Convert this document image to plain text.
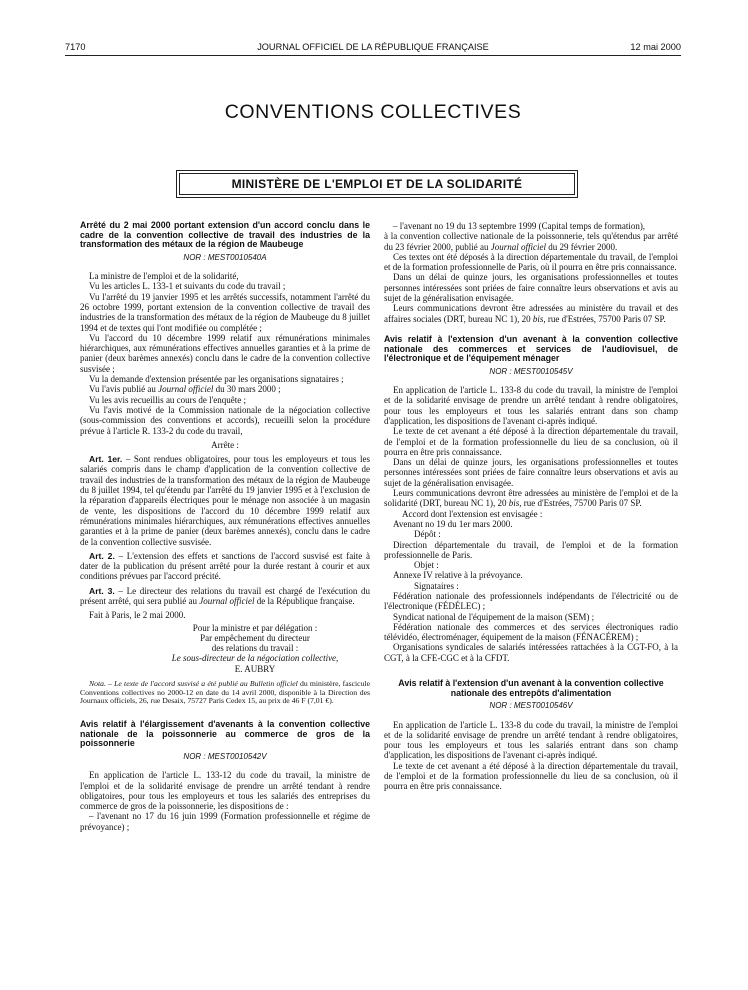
7170	JOURNAL OFFICIEL DE LA RÉPUBLIQUE FRANÇAISE	12 mai 2000
CONVENTIONS COLLECTIVES
MINISTÈRE DE L'EMPLOI ET DE LA SOLIDARITÉ
Arrêté du 2 mai 2000 portant extension d'un accord conclu dans le cadre de la convention collective de travail des industries de la transformation des métaux de la région de Maubeuge
NOR : MEST0010540A

La ministre de l'emploi et de la solidarité,

Vu les articles L. 133-1 et suivants du code du travail ;

Vu l'arrêté du 19 janvier 1995 et les arrêtés successifs, notamment l'arrêté du 26 octobre 1999, portant extension de la convention collective de travail des industries de la transformation des métaux de la région de Maubeuge du 8 juillet 1994 et de textes qui l'ont modifiée ou complétée ;

Vu l'accord du 10 décembre 1999 relatif aux rémunérations minimales hiérarchiques, aux rémunérations effectives annuelles garanties et à la prime de panier (deux barèmes annexés) conclu dans le cadre de la convention collective susvisée ;

Vu la demande d'extension présentée par les organisations signataires ;

Vu l'avis publié au Journal officiel du 30 mars 2000 ;

Vu les avis recueillis au cours de l'enquête ;

Vu l'avis motivé de la Commission nationale de la négociation collective (sous-commission des conventions et accords), recueilli selon la procédure prévue à l'article R. 133-2 du code du travail,

Arrête :

Art. 1er. – Sont rendues obligatoires, pour tous les employeurs et tous les salariés compris dans le champ d'application de la convention collective de travail des industries de la transformation des métaux de la région de Maubeuge du 8 juillet 1994, tel qu'étendu par l'arrêté du 19 janvier 1995 et à l'exclusion de la réparation d'appareils électriques pour le ménage non associée à un magasin de vente, les dispositions de l'accord du 10 décembre 1999 relatif aux rémunérations minimales hiérarchiques, aux rémunérations effectives annuelles garanties et à la prime de panier (deux barèmes annexés), conclu dans le cadre de la convention collective susvisée.

Art. 2. – L'extension des effets et sanctions de l'accord susvisé est faite à dater de la publication du présent arrêté pour la durée restant à courir et aux conditions prévues par l'accord précité.

Art. 3. – Le directeur des relations du travail est chargé de l'exécution du présent arrêté, qui sera publié au Journal officiel de la République française.

Fait à Paris, le 2 mai 2000.

Pour la ministre et par délégation :
Par empêchement du directeur
des relations du travail :
Le sous-directeur de la négociation collective,
E. AUBRY
Nota. – Le texte de l'accord susvisé a été publié au Bulletin officiel du ministère, fascicule Conventions collectives no 2000-12 en date du 14 avril 2000, disponible à la Direction des Journaux officiels, 26, rue Desaix, 75727 Paris Cedex 15, au prix de 46 F (7,01 €).
Avis relatif à l'élargissement d'avenants à la convention collective nationale de la poissonnerie au commerce de gros de la poissonnerie
NOR : MEST0010542V

En application de l'article L. 133-12 du code du travail, la ministre de l'emploi et de la solidarité envisage de prendre un arrêté tendant à rendre obligatoires, pour tous les employeurs et tous les salariés des entreprises du commerce de gros de la poissonnerie, les dispositions de :

– l'avenant no 17 du 16 juin 1999 (Formation professionnelle et régime de prévoyance) ;

– l'avenant no 19 du 13 septembre 1999 (Capital temps de formation),

à la convention collective nationale de la poissonnerie, tels qu'étendus par arrêté du 23 février 2000, publié au Journal officiel du 29 février 2000.

Ces textes ont été déposés à la direction départementale du travail, de l'emploi et de la formation professionnelle de Paris, où il pourra en être pris connaissance.

Dans un délai de quinze jours, les organisations professionnelles et toutes personnes intéressées sont priées de faire connaître leurs observations et avis au sujet de la généralisation envisagée.

Leurs communications devront être adressées au ministère du travail et des affaires sociales (DRT, bureau NC 1), 20 bis, rue d'Estrées, 75700 Paris 07 SP.

Avis relatif à l'extension d'un avenant à la convention collective nationale des commerces et services de l'audiovisuel, de l'électronique et de l'équipement ménager
NOR : MEST0010545V

En application de l'article L. 133-8 du code du travail, la ministre de l'emploi et de la solidarité envisage de prendre un arrêté tendant à rendre obligatoires, pour tous les employeurs et tous les salariés entrant dans son champ d'application, les dispositions de l'avenant ci-après indiqué.

Le texte de cet avenant a été déposé à la direction départementale du travail, de l'emploi et de la formation professionnelle du lieu de sa conclusion, où il pourra en être pris connaissance.

Dans un délai de quinze jours, les organisations professionnelles et toutes personnes intéressées sont priées de faire connaître leurs observations et avis au sujet de la généralisation envisagée.

Leurs communications devront être adressées au ministère de l'emploi et de la solidarité (DRT, bureau NC 1), 20 bis, rue d'Estrées, 75700 Paris 07 SP.

Accord dont l'extension est envisagée :

Avenant no 19 du 1er mars 2000.

Dépôt :

Direction départementale du travail, de l'emploi et de la formation professionnelle de Paris.

Objet :

Annexe IV relative à la prévoyance.

Signataires :

Fédération nationale des professionnels indépendants de l'électricité ou de l'électronique (FÉDÉLEC) ;

Syndicat national de l'équipement de la maison (SEM) ;

Fédération nationale des commerces et des services électroniques radio télévidéo, électroménager, équipement de la maison (FÉNACÉREM) ;

Organisations syndicales de salariés intéressées rattachées à la CGT-FO, à la CGT, à la CFE-CGC et à la CFDT.

Avis relatif à l'extension d'un avenant à la convention collective nationale des entrepôts d'alimentation
NOR : MEST0010546V

En application de l'article L. 133-8 du code du travail, la ministre de l'emploi et de la solidarité envisage de prendre un arrêté tendant à rendre obligatoires, pour tous les employeurs et tous les salariés entrant dans son champ d'application, les dispositions de l'avenant ci-après indiqué.

Le texte de cet avenant a été déposé à la direction départementale du travail, de l'emploi et de la formation professionnelle du lieu de sa conclusion, où il pourra en être pris connaissance.
